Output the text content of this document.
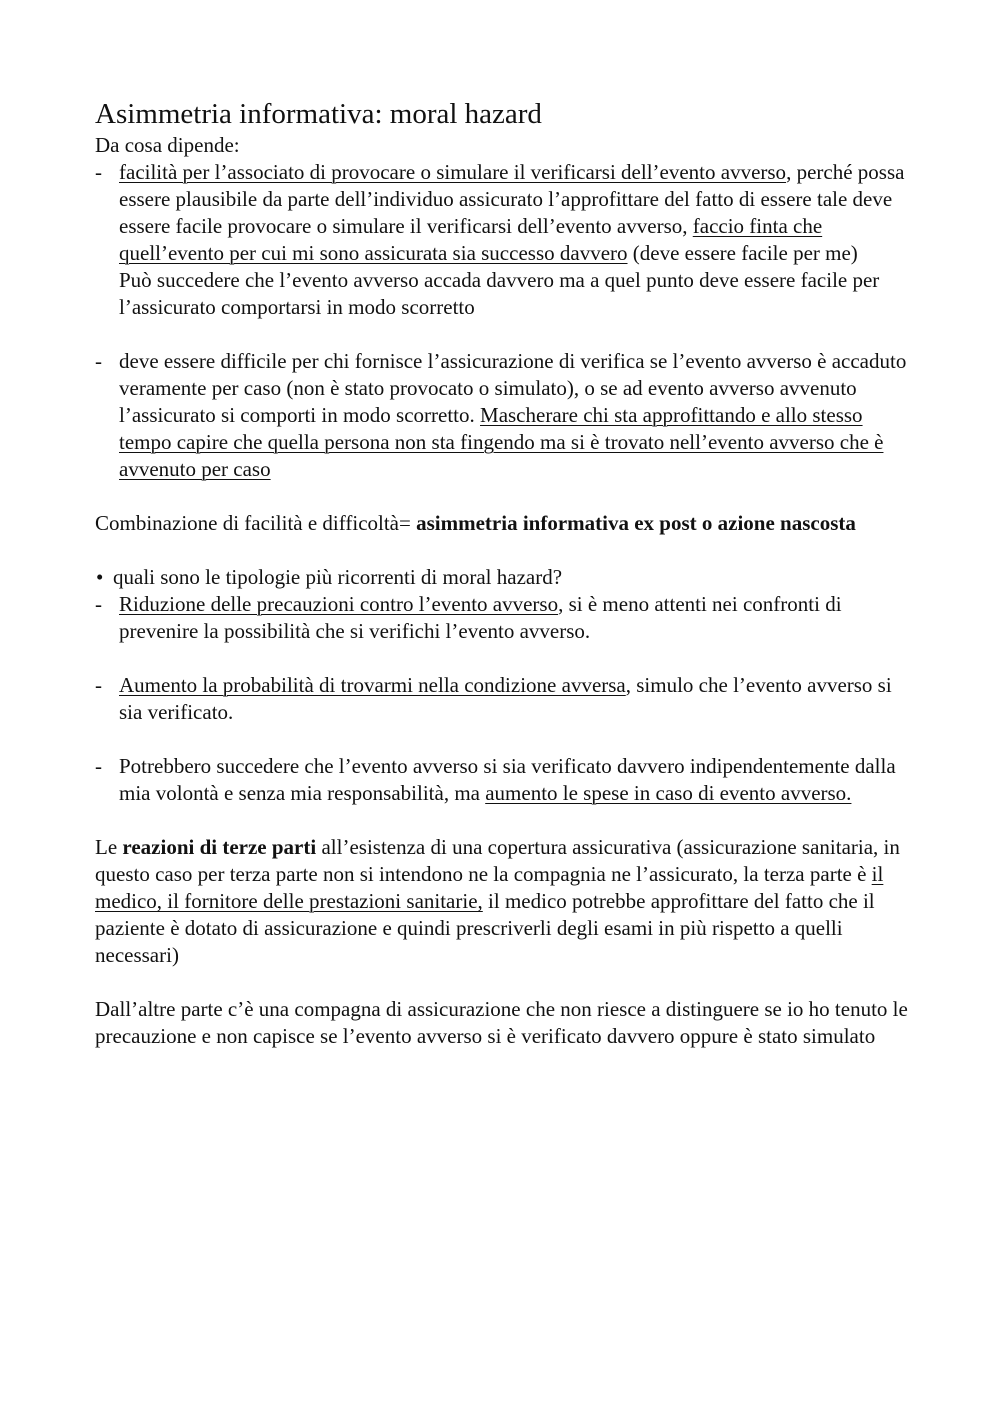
Asimmetria informativa: moral hazard

Da cosa dipende:

- facilità per l’associato di provocare o simulare il verificarsi dell’evento avverso, perché possa essere plausibile da parte dell’individuo assicurato l’approfittare del fatto di essere tale deve essere facile provocare o simulare il verificarsi dell’evento avverso, faccio finta che quell’evento per cui mi sono assicurata sia successo davvero (deve essere facile per me)
Può succedere che l’evento avverso accada davvero ma a quel punto deve essere facile per l’assicurato comportarsi in modo scorretto
- deve essere difficile per chi fornisce l’assicurazione di verifica se l’evento avverso è accaduto veramente per caso (non è stato provocato o simulato), o se ad evento avverso avvenuto l’assicurato si comporti in modo scorretto. Mascherare chi sta approfittando e allo stesso tempo capire che quella persona non sta fingendo ma si è trovato nell’evento avverso che è avvenuto per caso

Combinazione di facilità e difficoltà= asimmetria informativa ex post o azione nascosta

• quali sono le tipologie più ricorrenti di moral hazard?
- Riduzione delle precauzioni contro l’evento avverso, si è meno attenti nei confronti di prevenire la possibilità che si verifichi l’evento avverso.
- Aumento la probabilità di trovarmi nella condizione avversa, simulo che l’evento avverso si sia verificato.
- Potrebbero succedere che l’evento avverso si sia verificato davvero indipendentemente dalla mia volontà e senza mia responsabilità, ma aumento le spese in caso di evento avverso.

Le reazioni di terze parti all’esistenza di una copertura assicurativa (assicurazione sanitaria, in questo caso per terza parte non si intendono ne la compagnia ne l’assicurato, la terza parte è il medico, il fornitore delle prestazioni sanitarie, il medico potrebbe approfittare del fatto che il paziente è dotato di assicurazione e quindi prescriverli degli esami in più rispetto a quelli necessari)

Dall’altre parte c’è una compagna di assicurazione che non riesce a distinguere se io ho tenuto le precauzione e non capisce se l’evento avverso si è verificato davvero oppure è stato simulato
